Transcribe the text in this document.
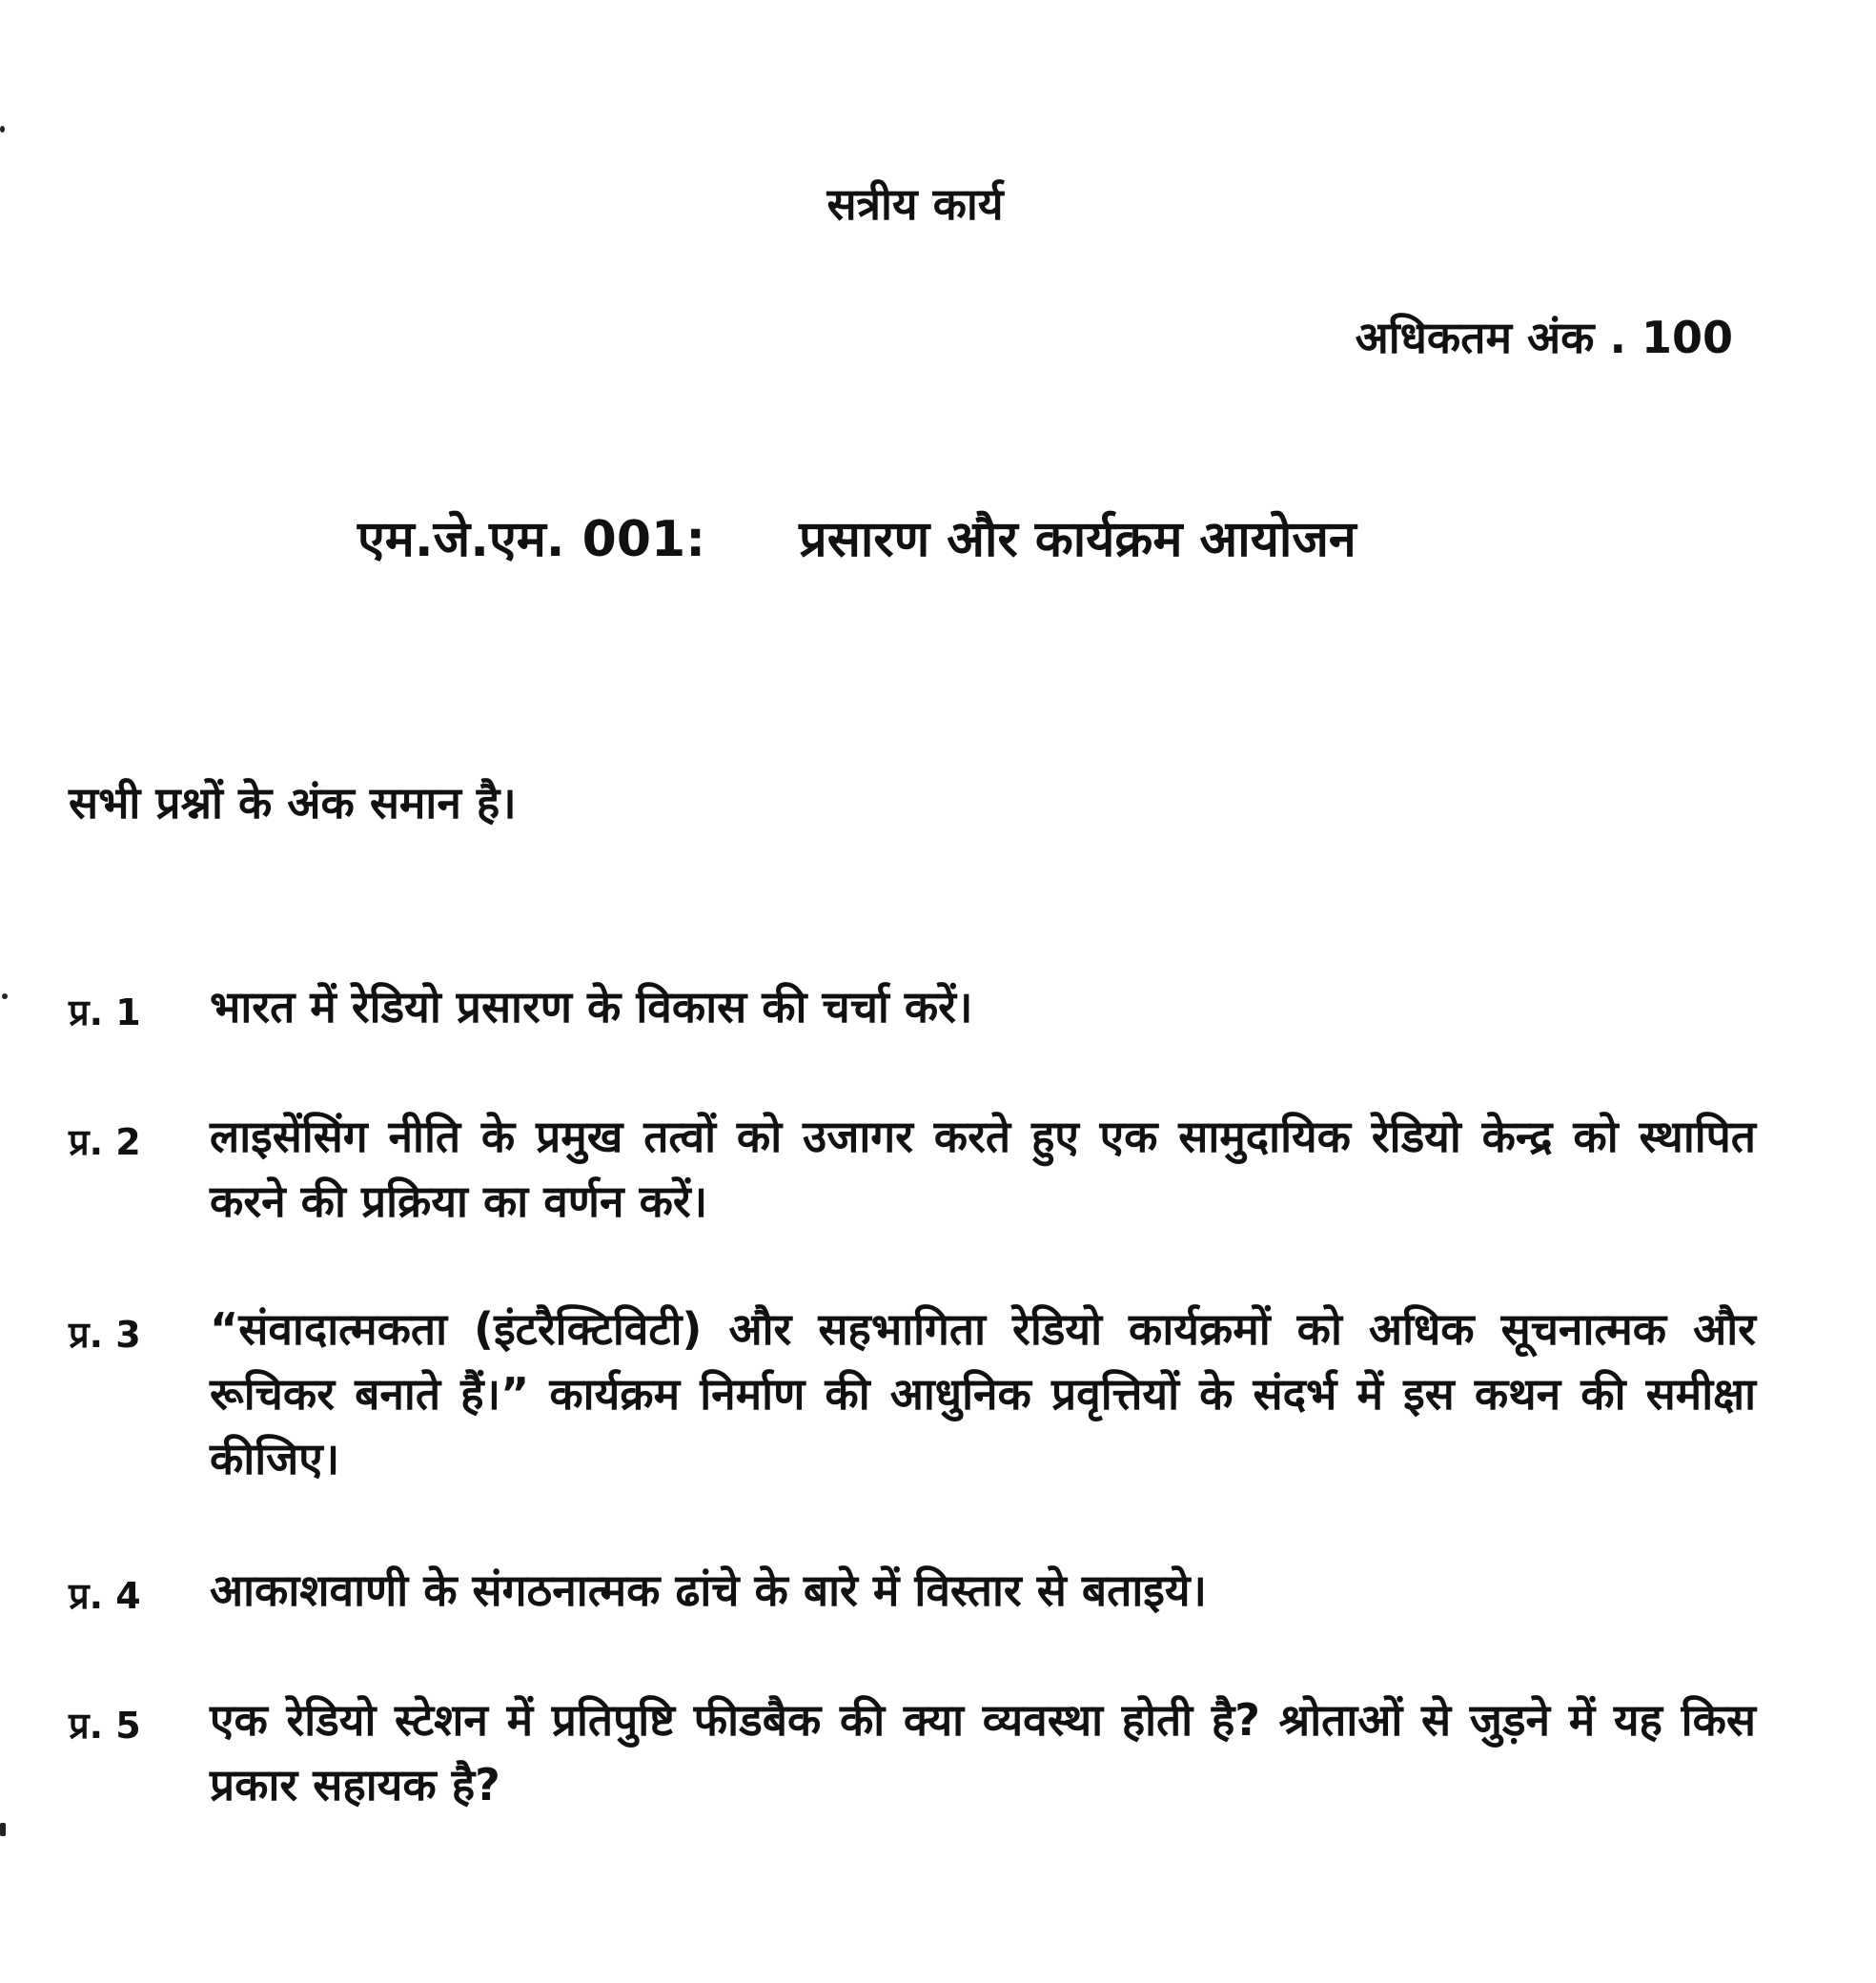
सत्रीय कार्य
अधिकतम अंक . 100
एम.जे.एम. 001: प्रसारण और कार्यक्रम आयोजन
सभी प्रश्नों के अंक समान है।
प्र. 1	भारत में रेडियो प्रसारण के विकास की चर्चा करें।
प्र. 2	लाइसेंसिंग नीति के प्रमुख तत्वों को उजागर करते हुए एक सामुदायिक रेडियो केन्द्र को स्थापित करने की प्रक्रिया का वर्णन करें।
प्र. 3	“संवादात्मकता (इंटरैक्टिविटी) और सहभागिता रेडियो कार्यक्रमों को अधिक सूचनात्मक और रूचिकर बनाते हैं।” कार्यक्रम निर्माण की आधुनिक प्रवृत्तियों के संदर्भ में इस कथन की समीक्षा कीजिए।
प्र. 4	आकाशवाणी के संगठनात्मक ढांचे के बारे में विस्तार से बताइये।
प्र. 5	एक रेडियो स्टेशन में प्रतिपुष्टि फीडबैक की क्या व्यवस्था होती है? श्रोताओं से जुड़ने में यह किस प्रकार सहायक है?
